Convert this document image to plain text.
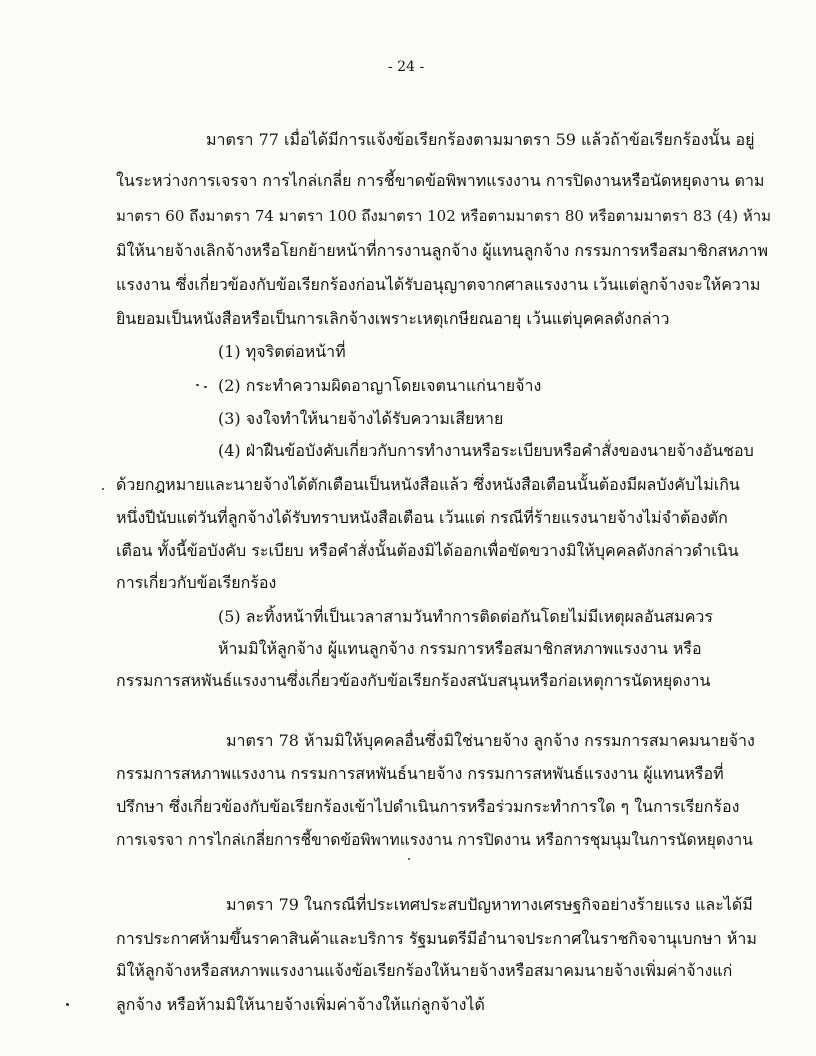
- 24 -
มาตรา 77 เมื่อได้มีการแจ้งข้อเรียกร้องตามมาตรา 59 แล้วถ้าข้อเรียกร้องนั้น อยู่
ในระหว่างการเจรจา การไกล่เกลี่ย การชี้ขาดข้อพิพาทแรงงาน การปิดงานหรือนัดหยุดงาน ตาม
มาตรา 60 ถึงมาตรา 74 มาตรา 100 ถึงมาตรา 102 หรือตามมาตรา 80 หรือตามมาตรา 83 (4) ห้าม
มิให้นายจ้างเลิกจ้างหรือโยกย้ายหน้าที่การงานลูกจ้าง ผู้แทนลูกจ้าง กรรมการหรือสมาชิกสหภาพ
แรงงาน ซึ่งเกี่ยวข้องกับข้อเรียกร้องก่อนได้รับอนุญาตจากศาลแรงงาน เว้นแต่ลูกจ้างจะให้ความ
ยินยอมเป็นหนังสือหรือเป็นการเลิกจ้างเพราะเหตุเกษียณอายุ เว้นแต่บุคคลดังกล่าว
(1) ทุจริตต่อหน้าที่
(2) กระทำความผิดอาญาโดยเจตนาแก่นายจ้าง
(3) จงใจทำให้นายจ้างได้รับความเสียหาย
(4) ฝ่าฝืนข้อบังคับเกี่ยวกับการทำงานหรือระเบียบหรือคำสั่งของนายจ้างอันชอบ
ด้วยกฎหมายและนายจ้างได้ตักเตือนเป็นหนังสือแล้ว ซึ่งหนังสือเตือนนั้นต้องมีผลบังคับไม่เกิน
หนึ่งปีนับแต่วันที่ลูกจ้างได้รับทราบหนังสือเตือน เว้นแต่ กรณีที่ร้ายแรงนายจ้างไม่จำต้องตัก
เตือน ทั้งนี้ข้อบังคับ ระเบียบ หรือคำสั่งนั้นต้องมิได้ออกเพื่อขัดขวางมิให้บุคคลดังกล่าวดำเนิน
การเกี่ยวกับข้อเรียกร้อง
(5) ละทิ้งหน้าที่เป็นเวลาสามวันทำการติดต่อกันโดยไม่มีเหตุผลอันสมควร
ห้ามมิให้ลูกจ้าง ผู้แทนลูกจ้าง กรรมการหรือสมาชิกสหภาพแรงงาน หรือ
กรรมการสหพันธ์แรงงานซึ่งเกี่ยวข้องกับข้อเรียกร้องสนับสนุนหรือก่อเหตุการนัดหยุดงาน
มาตรา 78 ห้ามมิให้บุคคลอื่นซึ่งมิใช่นายจ้าง ลูกจ้าง กรรมการสมาคมนายจ้าง
กรรมการสหภาพแรงงาน กรรมการสหพันธ์นายจ้าง กรรมการสหพันธ์แรงงาน ผู้แทนหรือที่
ปรึกษา ซึ่งเกี่ยวข้องกับข้อเรียกร้องเข้าไปดำเนินการหรือร่วมกระทำการใด ๆ ในการเรียกร้อง
การเจรจา การไกล่เกลี่ยการชี้ขาดข้อพิพาทแรงงาน การปิดงาน หรือการชุมนุมในการนัดหยุดงาน
มาตรา 79 ในกรณีที่ประเทศประสบปัญหาทางเศรษฐกิจอย่างร้ายแรง และได้มี
การประกาศห้ามขึ้นราคาสินค้าและบริการ รัฐมนตรีมีอำนาจประกาศในราชกิจจานุเบกษา ห้าม
มิให้ลูกจ้างหรือสหภาพแรงงานแจ้งข้อเรียกร้องให้นายจ้างหรือสมาคมนายจ้างเพิ่มค่าจ้างแก่
ลูกจ้าง หรือห้ามมิให้นายจ้างเพิ่มค่าจ้างให้แก่ลูกจ้างได้
